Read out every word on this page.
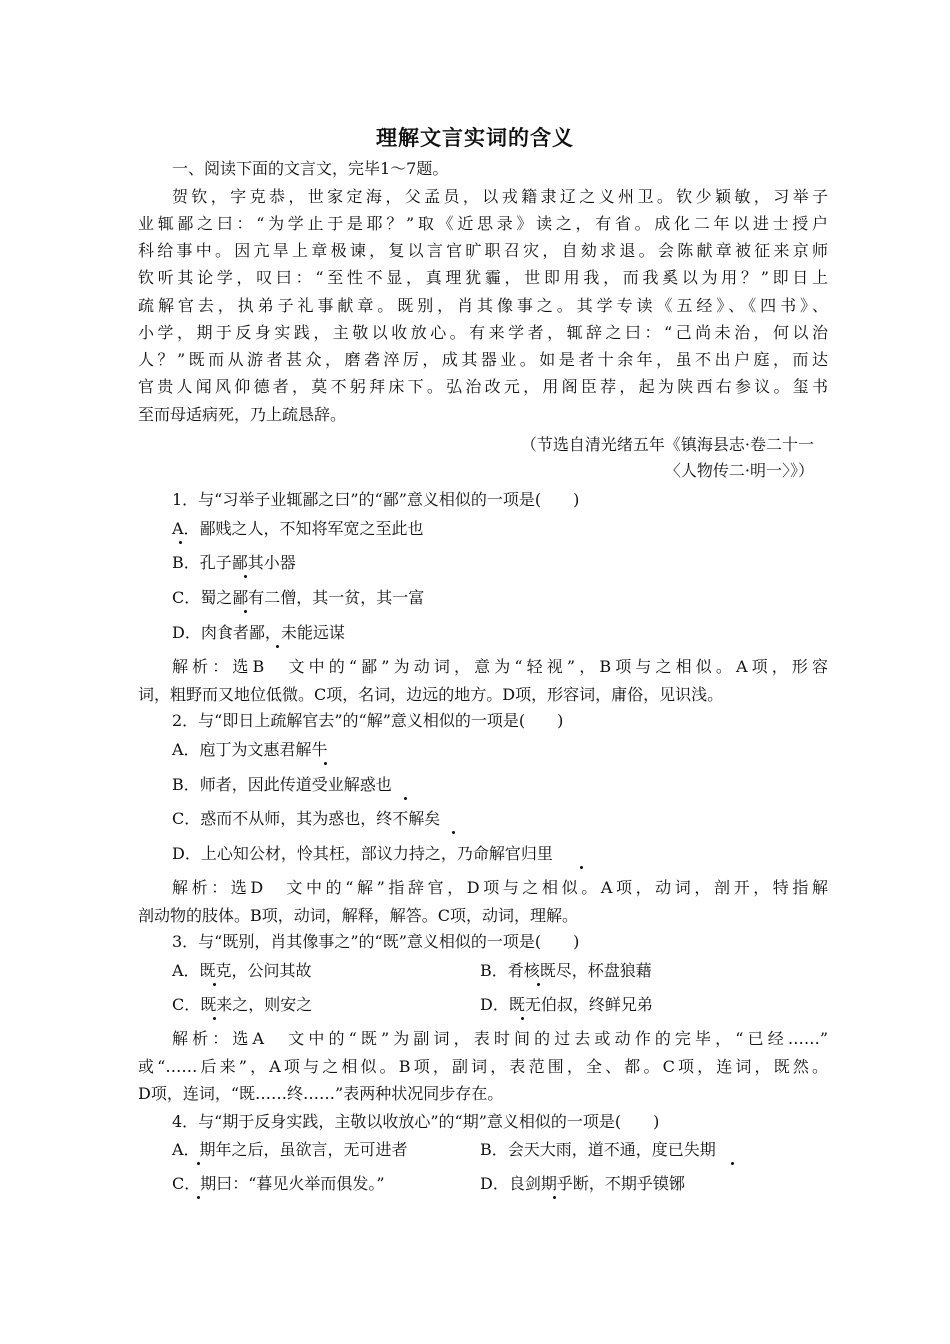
理解文言实词的含义
一、阅读下面的文言文，完毕1～7题。
贺钦，字克恭，世家定海，父孟员，以戎籍隶辽之义州卫。钦少颖敏，习举子
业辄鄙之曰：“为学止于是耶？”取《近思录》读之，有省。成化二年以进士授户
科给事中。因亢旱上章极谏，复以言官旷职召灾，自劾求退。会陈献章被征来京师
钦听其论学，叹曰：“至性不显，真理犹霾，世即用我，而我奚以为用？”即日上
疏解官去，执弟子礼事献章。既别，肖其像事之。其学专读《五经》、《四书》、
小学，期于反身实践，主敬以收放心。有来学者，辄辞之曰：“己尚未治，何以治
人？”既而从游者甚众，磨砻淬厉，成其器业。如是者十余年，虽不出户庭，而达
官贵人闻风仰德者，莫不躬拜床下。弘治改元，用阁臣荐，起为陕西右参议。玺书
至而母适病死，乃上疏恳辞。
（节选自清光绪五年《镇海县志·卷二十一
〈人物传二·明一〉》）
1．与“习举子业辄鄙之曰”的“鄙”意义相似的一项是(　　)
A．鄙贱之人，不知将军宽之至此也
B．孔子鄙其小器
C．蜀之鄙有二僧，其一贫，其一富
D．肉食者鄙，未能远谋
解析：选B　文中的“鄙”为动词，意为“轻视”，B项与之相似。A项，形容
词，粗野而又地位低微。C项，名词，边远的地方。D项，形容词，庸俗，见识浅。
2．与“即日上疏解官去”的“解”意义相似的一项是(　　)
A．庖丁为文惠君解牛
B．师者，因此传道受业解惑也
C．惑而不从师，其为惑也，终不解矣
D．上心知公材，怜其枉，部议力持之，乃命解官归里
解析：选D　文中的“解”指辞官，D项与之相似。A项，动词，剖开，特指解
剖动物的肢体。B项，动词，解释，解答。C项，动词，理解。
3．与“既别，肖其像事之”的“既”意义相似的一项是(　　)
A．既克，公问其故	B．肴核既尽，杯盘狼藉
C．既来之，则安之	D．既无伯叔，终鲜兄弟
解析：选A　文中的“既”为副词，表时间的过去或动作的完毕，“已经……”
或“……后来”，A项与之相似。B项，副词，表范围，全、都。C项，连词，既然。
D项，连词，“既……终……”表两种状况同步存在。
4．与“期于反身实践，主敬以收放心”的“期”意义相似的一项是(　　)
A．期年之后，虽欲言，无可进者	B．会天大雨，道不通，度已失期
C．期曰：“暮见火举而俱发。”	D．良剑期乎断，不期乎镆铘
